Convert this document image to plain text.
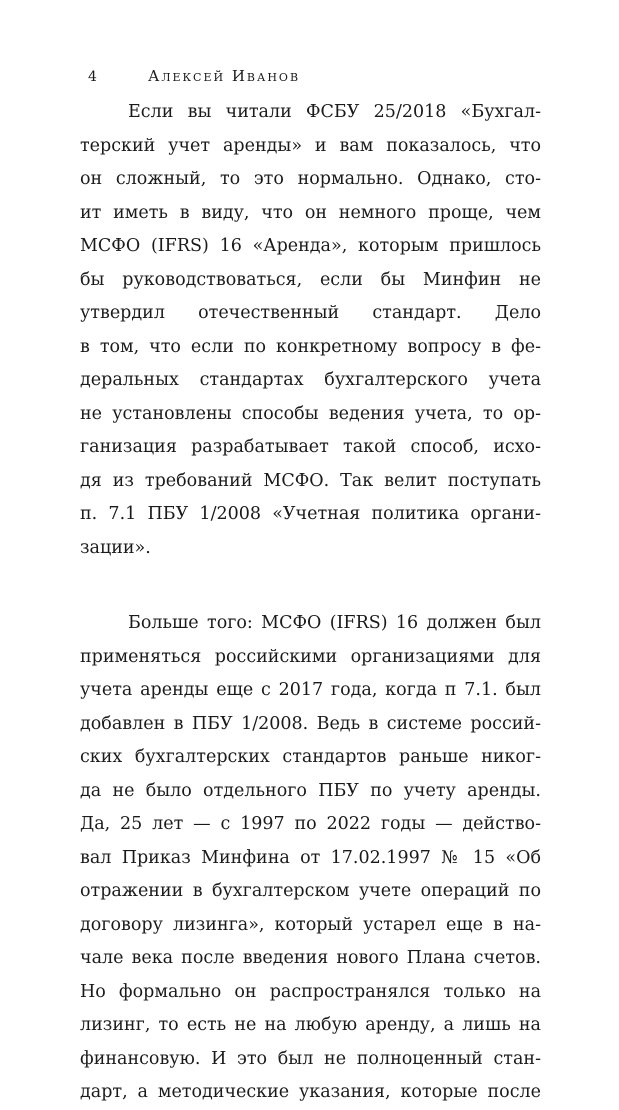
4	Алексей Иванов
Если вы читали ФСБУ 25/2018 «Бухгал-
терский учет аренды» и вам показалось, что
он сложный, то это нормально. Однако, сто-
ит иметь в виду, что он немного проще, чем
МСФО (IFRS) 16 «Аренда», которым пришлось
бы руководствоваться, если бы Минфин не
утвердил отечественный стандарт. Дело
в том, что если по конкретному вопросу в фе-
деральных стандартах бухгалтерского учета
не установлены способы ведения учета, то ор-
ганизация разрабатывает такой способ, исхо-
дя из требований МСФО. Так велит поступать
п. 7.1 ПБУ 1/2008 «Учетная политика органи-
зации».
Больше того: МСФО (IFRS) 16 должен был
применяться российскими организациями для
учета аренды еще с 2017 года, когда п 7.1. был
добавлен в ПБУ 1/2008. Ведь в системе россий-
ских бухгалтерских стандартов раньше никог-
да не было отдельного ПБУ по учету аренды.
Да, 25 лет — с 1997 по 2022 годы — действо-
вал Приказ Минфина от 17.02.1997 № 15 «Об
отражении в бухгалтерском учете операций по
договору лизинга», который устарел еще в на-
чале века после введения нового Плана счетов.
Но формально он распространялся только на
лизинг, то есть не на любую аренду, а лишь на
финансовую. И это был не полноценный стан-
дарт, а методические указания, которые после
